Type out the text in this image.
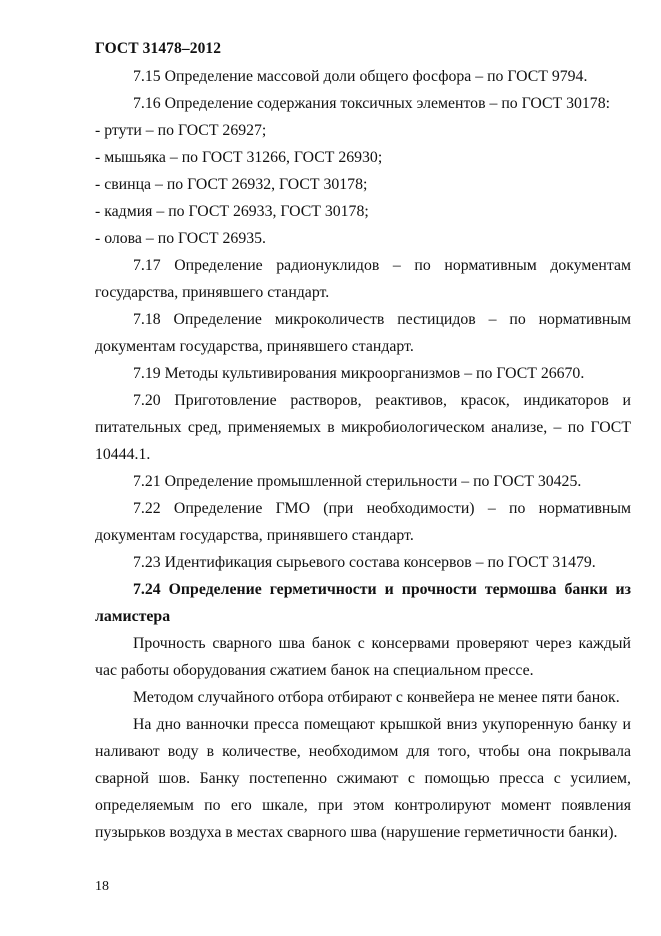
ГОСТ 31478–2012

7.15 Определение массовой доли общего фосфора – по ГОСТ 9794.

7.16 Определение содержания токсичных элементов – по ГОСТ 30178:

- ртути – по ГОСТ 26927;

- мышьяка – по ГОСТ 31266, ГОСТ 26930;

- свинца – по ГОСТ 26932, ГОСТ 30178;

- кадмия – по ГОСТ 26933, ГОСТ 30178;

- олова – по ГОСТ 26935.

7.17 Определение радионуклидов – по нормативным документам государства, принявшего стандарт.

7.18 Определение микроколичеств пестицидов – по нормативным документам государства, принявшего стандарт.

7.19 Методы культивирования микроорганизмов – по ГОСТ 26670.

7.20 Приготовление растворов, реактивов, красок, индикаторов и питательных сред, применяемых в микробиологическом анализе, – по ГОСТ 10444.1.

7.21 Определение промышленной стерильности – по ГОСТ 30425.

7.22 Определение ГМО (при необходимости) – по нормативным документам государства, принявшего стандарт.

7.23 Идентификация сырьевого состава консервов – по ГОСТ 31479.

7.24 Определение герметичности и прочности термошва банки из ламистера

Прочность сварного шва банок с консервами проверяют через каждый час работы оборудования сжатием банок на специальном прессе.

Методом случайного отбора отбирают с конвейера не менее пяти банок.

На дно ванночки пресса помещают крышкой вниз укупоренную банку и наливают воду в количестве, необходимом для того, чтобы она покрывала сварной шов. Банку постепенно сжимают с помощью пресса с усилием, определяемым по его шкале, при этом контролируют момент появления пузырьков воздуха в местах сварного шва (нарушение герметичности банки).

18
